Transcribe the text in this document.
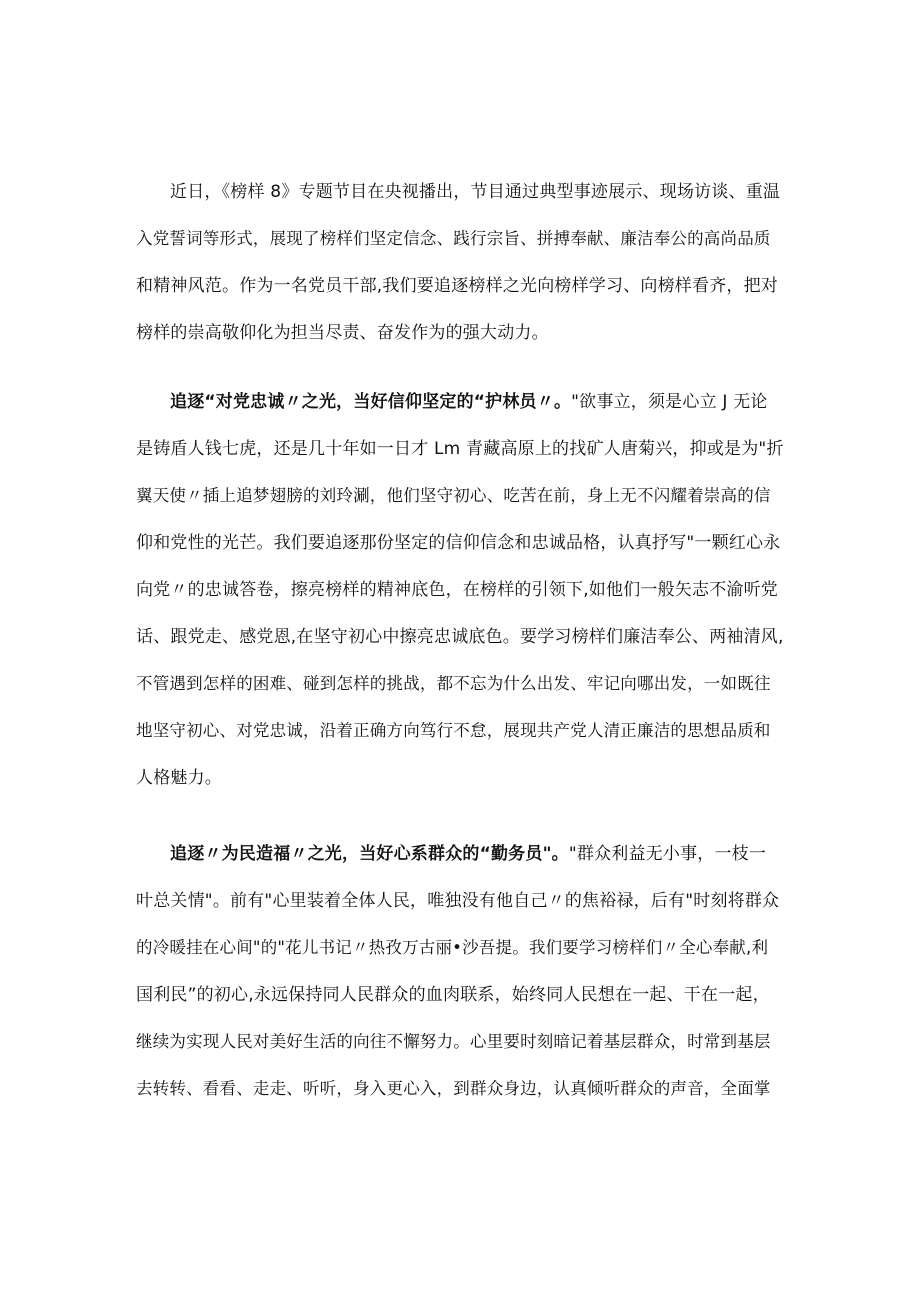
近日，《榜样 8》专题节目在央视播出，节目通过典型事迹展示、现场访谈、重温
入党誓词等形式，展现了榜样们坚定信念、践行宗旨、拼搏奉献、廉洁奉公的高尚品质
和精神风范。作为一名党员干部,我们要追逐榜样之光向榜样学习、向榜样看齐，把对
榜样的崇高敬仰化为担当尽责、奋发作为的强大动力。
追逐“对党忠诚〃之光，当好信仰坚定的“护林员〃。"欲事立，须是心立 J 无论
是铸盾人钱七虎，还是几十年如一日才 Lm 青藏高原上的找矿人唐菊兴，抑或是为"折
翼天使〃插上追梦翅膀的刘玲涮，他们坚守初心、吃苦在前，身上无不闪耀着崇高的信
仰和党性的光芒。我们要追逐那份坚定的信仰信念和忠诚品格，认真抒写"一颗红心永
向党〃的忠诚答卷，擦亮榜样的精神底色，在榜样的引领下,如他们一般矢志不渝听党
话、跟党走、感党恩,在坚守初心中擦亮忠诚底色。要学习榜样们廉洁奉公、两袖清风,
不管遇到怎样的困难、碰到怎样的挑战，都不忘为什么出发、牢记向哪出发，一如既往
地坚守初心、对党忠诚，沿着正确方向笃行不怠，展现共产党人清正廉洁的思想品质和
人格魅力。
追逐〃为民造福〃之光，当好心系群众的“勤务员"。"群众利益无小事，一枝一
叶总关情"。前有"心里装着全体人民，唯独没有他自己〃的焦裕禄，后有"时刻将群众
的冷暖挂在心间"的"花儿书记〃热孜万古丽•沙吾提。我们要学习榜样们〃全心奉献,利
国利民”的初心,永远保持同人民群众的血肉联系，始终同人民想在一起、干在一起，
继续为实现人民对美好生活的向往不懈努力。心里要时刻暗记着基层群众，时常到基层
去转转、看看、走走、听听，身入更心入，到群众身边，认真倾听群众的声音，全面掌
